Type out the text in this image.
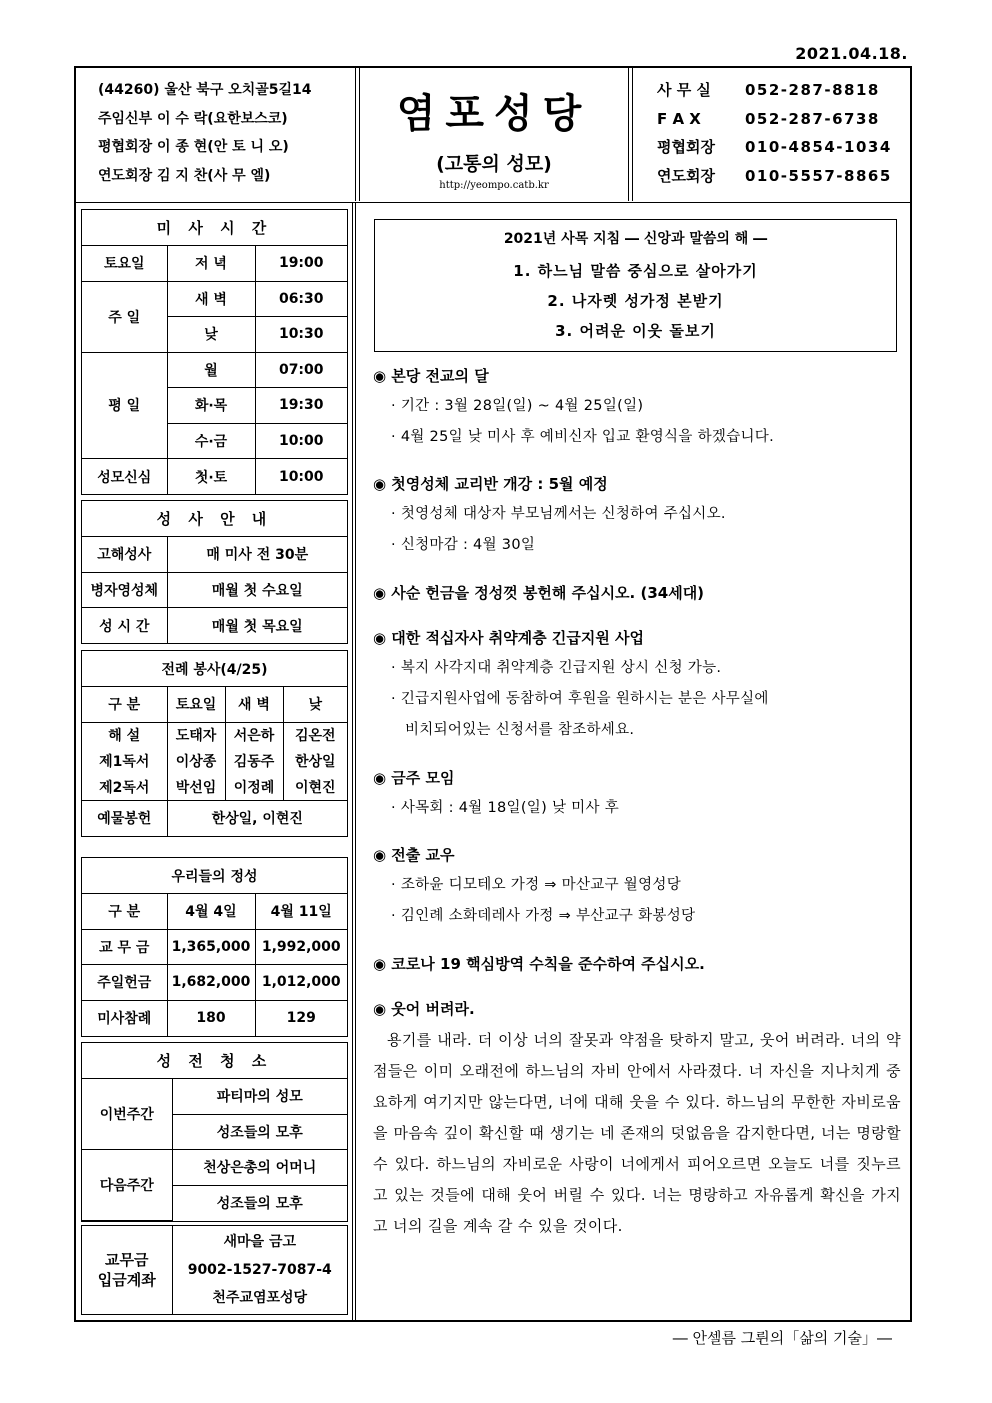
2021.04.18.
(44260) 울산 북구 오치골5길14
주임신부 이 수 락(요한보스코)
평협회장 이 종 현(안 토 니 오)
연도회장 김 지 찬(사 무 엘)
염포성당
(고통의 성모)
http://yeompo.catb.kr
사 무 실	052-287-8818
F A X	052-287-6738
평협회장	010-4854-1034
연도회장	010-5557-8865
미 사 시 간		
토요일	저 녁	19:00
주 일	새 벽	06:30
	낮	10:30
평 일	월	07:00
	화·목	19:30
	수·금	10:00
성모신심	첫·토	10:00
성 사 안 내	
고해성사	매 미사 전 30분
병자영성체	매월 첫 수요일
성 시 간	매월 첫 목요일
전례 봉사(4/25)			
구 분	토요일	새 벽	낮
해 설	도태자	서은하	김온전
제1독서	이상종	김동주	한상일
제2독서	박선임	이정례	이현진
예물봉헌	한상일, 이현진		
우리들의 정성		
구 분	4월 4일	4월 11일
교 무 금	1,365,000	1,992,000
주일헌금	1,682,000	1,012,000
미사참례	180	129
성 전 청 소	
이번주간	파티마의 성모
	성조들의 모후
다음주간	천상은총의 어머니
	성조들의 모후
교무금
입금계좌

새마을 금고
9002-1527-7087-4
천주교염포성당
2021년 사목 지침 ― 신앙과 말씀의 해 ―
1. 하느님 말씀 중심으로 살아가기
2. 나자렛 성가정 본받기
3. 어려운 이웃 돌보기
◉ 본당 전교의 달
· 기간 : 3월 28일(일) ~ 4월 25일(일)
· 4월 25일 낮 미사 후 예비신자 입교 환영식을 하겠습니다.
◉ 첫영성체 교리반 개강 : 5월 예정
· 첫영성체 대상자 부모님께서는 신청하여 주십시오.
· 신청마감 : 4월 30일
◉ 사순 헌금을 정성껏 봉헌해 주십시오. (34세대)
◉ 대한 적십자사 취약계층 긴급지원 사업
· 복지 사각지대 취약계층 긴급지원 상시 신청 가능.
· 긴급지원사업에 동참하여 후원을 원하시는 분은 사무실에
비치되어있는 신청서를 참조하세요.
◉ 금주 모임
· 사목회 : 4월 18일(일) 낮 미사 후
◉ 전출 교우
· 조하윤 디모테오 가정 ⇒ 마산교구 월영성당
· 김인례 소화데레사 가정 ⇒ 부산교구 화봉성당
◉ 코로나 19 핵심방역 수칙을 준수하여 주십시오.
◉ 웃어 버려라.
용기를 내라. 더 이상 너의 잘못과 약점을 탓하지 말고, 웃어 버려라. 너의 약점들은 이미 오래전에 하느님의 자비 안에서 사라졌다. 너 자신을 지나치게 중요하게 여기지만 않는다면, 너에 대해 웃을 수 있다. 하느님의 무한한 자비로움을 마음속 깊이 확신할 때 생기는 네 존재의 덧없음을 감지한다면, 너는 명랑할 수 있다. 하느님의 자비로운 사랑이 너에게서 피어오르면 오늘도 너를 짓누르고 있는 것들에 대해 웃어 버릴 수 있다. 너는 명랑하고 자유롭게 확신을 가지고 너의 길을 계속 갈 수 있을 것이다.
― 안셀름 그륀의「삶의 기술」―
